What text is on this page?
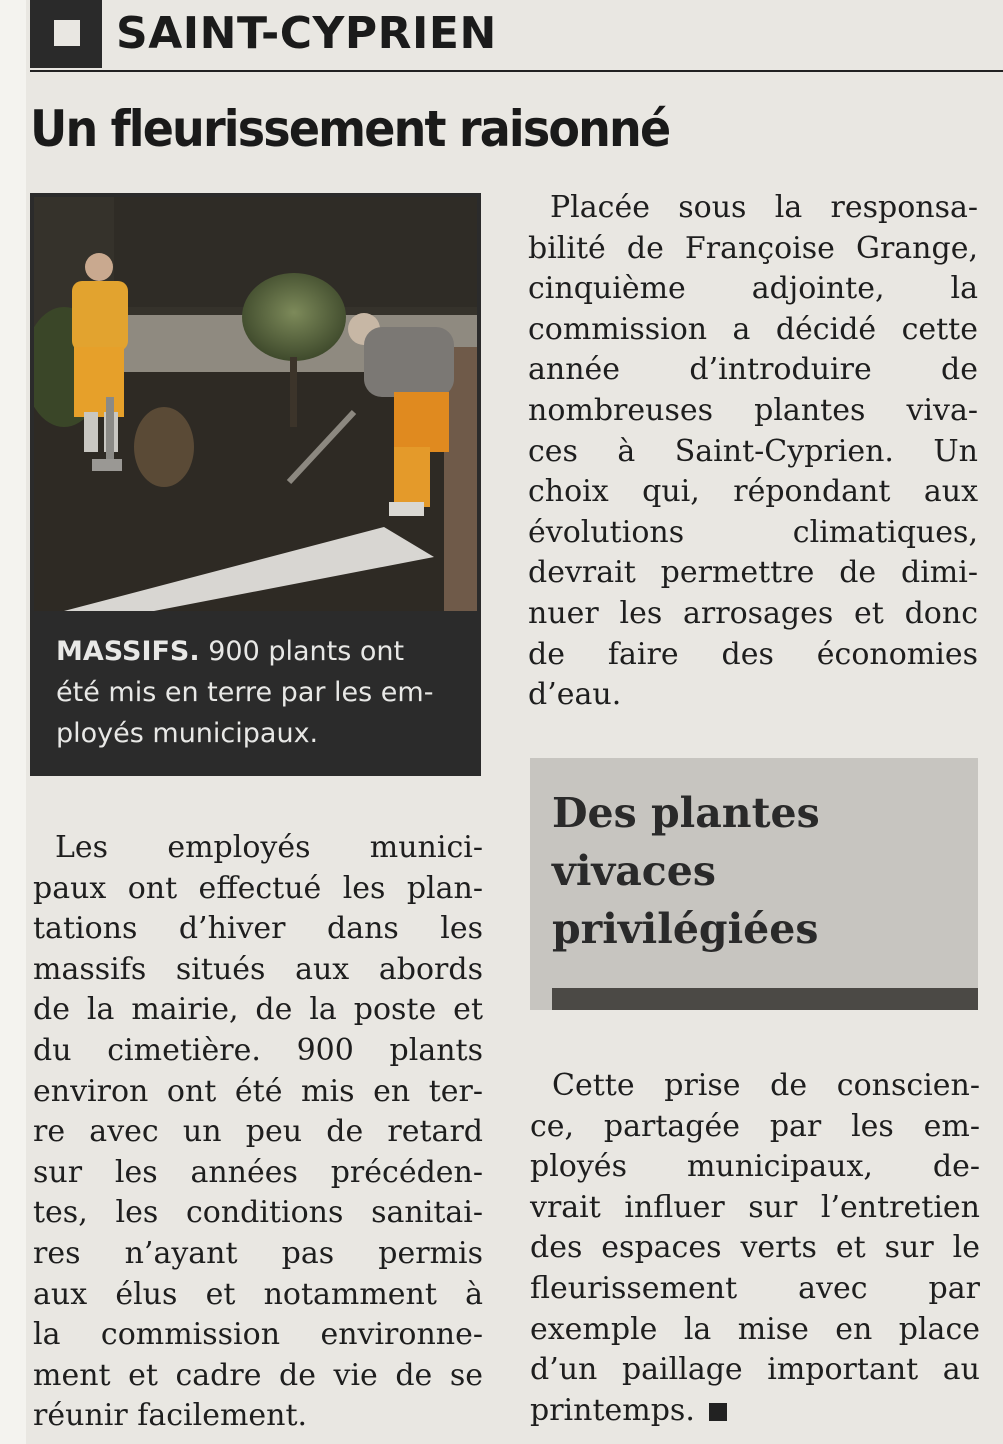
SAINT-CYPRIEN
Un fleurissement raisonné
MASSIFS. 900 plants ont
été mis en terre par les em-
ployés municipaux.
Les employés munici-
paux ont effectué les plan-
tations d’hiver dans les
massifs situés aux abords
de la mairie, de la poste et
du cimetière. 900 plants
environ ont été mis en ter-
re avec un peu de retard
sur les années précéden-
tes, les conditions sanitai-
res n’ayant pas permis
aux élus et notamment à
la commission environne-
ment et cadre de vie de se
réunir facilement.
Placée sous la responsa-
bilité de Françoise Grange,
cinquième adjointe, la
commission a décidé cette
année d’introduire de
nombreuses plantes viva-
ces à Saint-Cyprien. Un
choix qui, répondant aux
évolutions climatiques,
devrait permettre de dimi-
nuer les arrosages et donc
de faire des économies
d’eau.
Des plantes
vivaces
privilégiées
Cette prise de conscien-
ce, partagée par les em-
ployés municipaux, de-
vrait influer sur l’entretien
des espaces verts et sur le
fleurissement avec par
exemple la mise en place
d’un paillage important au
printemps.
